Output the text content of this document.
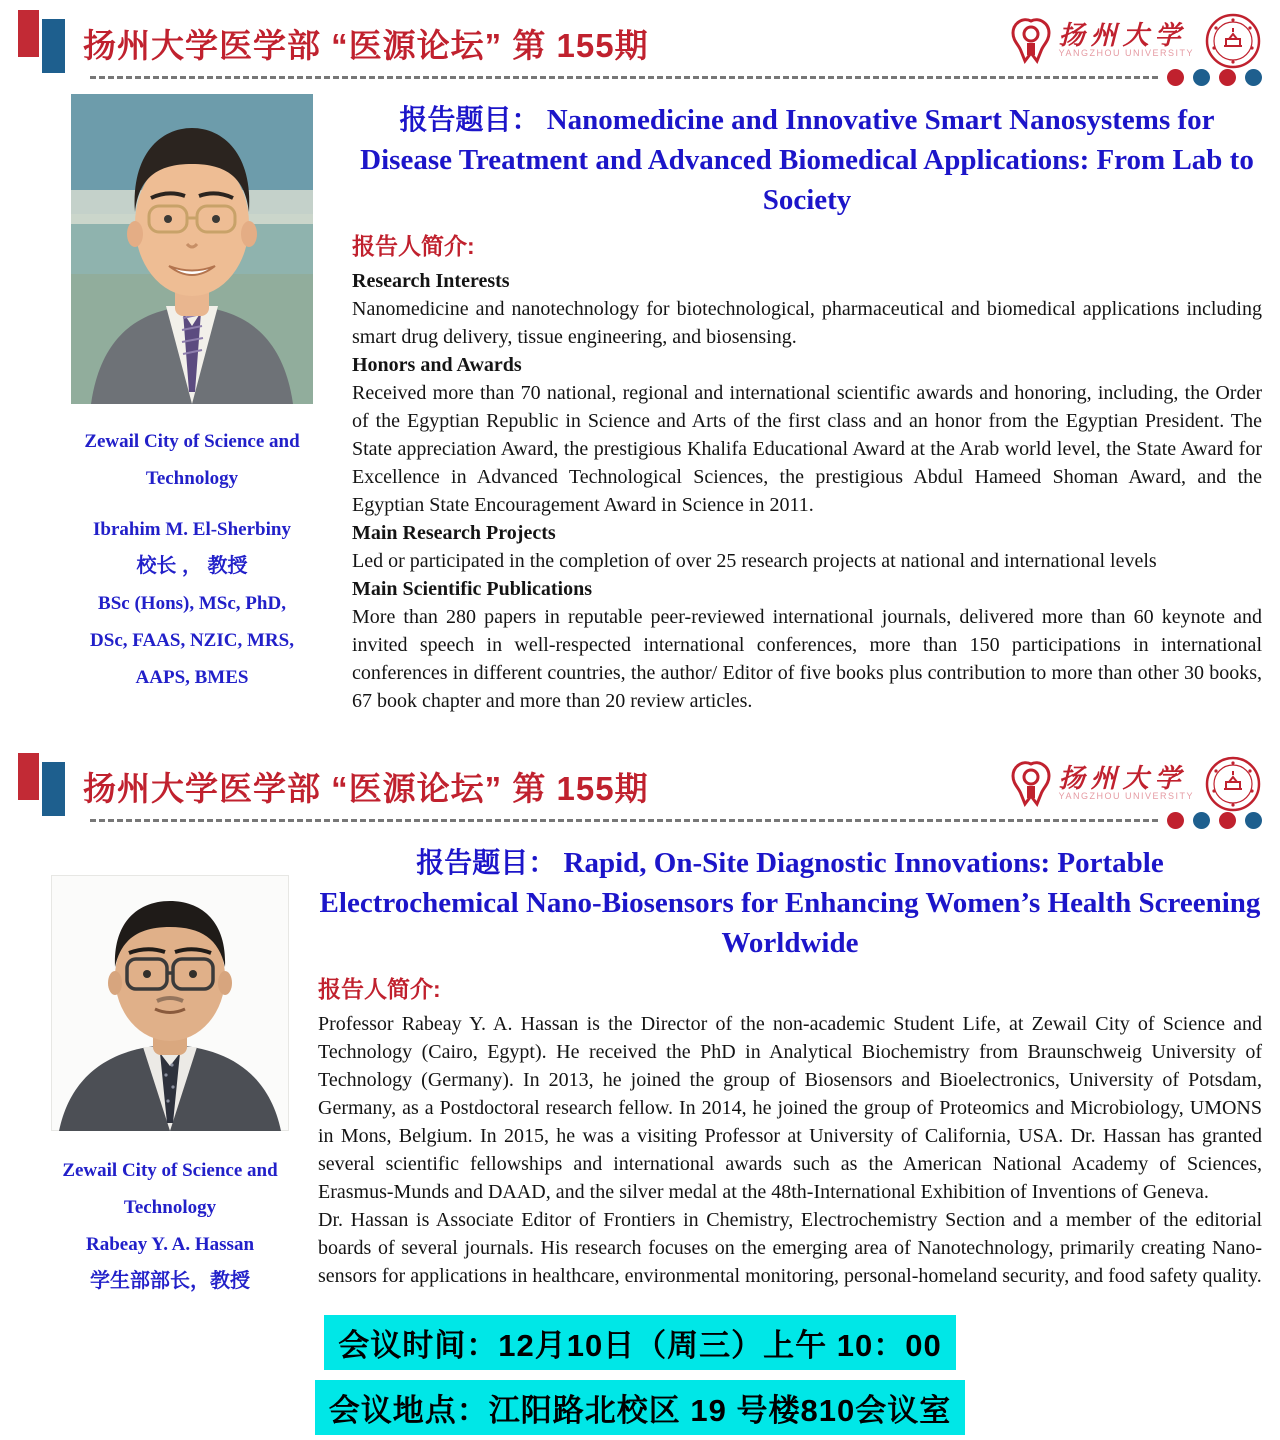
扬州大学医学部 “医源论坛” 第 155期	扬州大学
YANGZHOU UNIVERSITY
Zewail City of Science and Technology
Ibrahim M. El-Sherbiny
校长 ， 教授
BSc (Hons), MSc, PhD,
DSc, FAAS, NZIC, MRS,
AAPS, BMES
报告题目： Nanomedicine and Innovative Smart Nanosystems for Disease Treatment and Advanced Biomedical Applications: From Lab to Society
报告人简介:
Research Interests

Nanomedicine and nanotechnology for biotechnological, pharmaceutical and biomedical applications including smart drug delivery, tissue engineering, and biosensing.

Honors and Awards

Received more than 70 national, regional and international scientific awards and honoring, including, the Order of the Egyptian Republic in Science and Arts of the first class and an honor from the Egyptian President. The State appreciation Award, the prestigious Khalifa Educational Award at the Arab world level, the State Award for Excellence in Advanced Technological Sciences, the prestigious Abdul Hameed Shoman Award, and the Egyptian State Encouragement Award in Science in 2011.

Main Research Projects

Led or participated in the completion of over 25 research projects at national and international levels

Main Scientific Publications

More than 280 papers in reputable peer-reviewed international journals, delivered more than 60 keynote and invited speech in well-respected international conferences, more than 150 participations in international conferences in different countries, the author/ Editor of five books plus contribution to more than other 30 books, 67 book chapter and more than 20 review articles.

扬州大学医学部 “医源论坛” 第 155期	扬州大学
YANGZHOU UNIVERSITY
Zewail City of Science and Technology
Rabeay Y. A. Hassan
学生部部长，教授
报告题目： Rapid, On-Site Diagnostic Innovations: Portable Electrochemical Nano-Biosensors for Enhancing Women’s Health Screening Worldwide
报告人简介:

Professor Rabeay Y. A. Hassan is the Director of the non-academic Student Life, at Zewail City of Science and Technology (Cairo, Egypt). He received the PhD in Analytical Biochemistry from Braunschweig University of Technology (Germany). In 2013, he joined the group of Biosensors and Bioelectronics, University of Potsdam, Germany, as a Postdoctoral research fellow. In 2014, he joined the group of Proteomics and Microbiology, UMONS in Mons, Belgium. In 2015, he was a visiting Professor at University of California, USA. Dr. Hassan has granted several scientific fellowships and international awards such as the American National Academy of Sciences, Erasmus-Munds and DAAD, and the silver medal at the 48th-International Exhibition of Inventions of Geneva.

Dr. Hassan is Associate Editor of Frontiers in Chemistry, Electrochemistry Section and a member of the editorial boards of several journals. His research focuses on the emerging area of Nanotechnology, primarily creating Nano-sensors for applications in healthcare, environmental monitoring, personal-homeland security, and food safety quality.

会议时间：12月10日（周三）上午 10：00
会议地点：江阳路北校区 19 号楼810会议室
